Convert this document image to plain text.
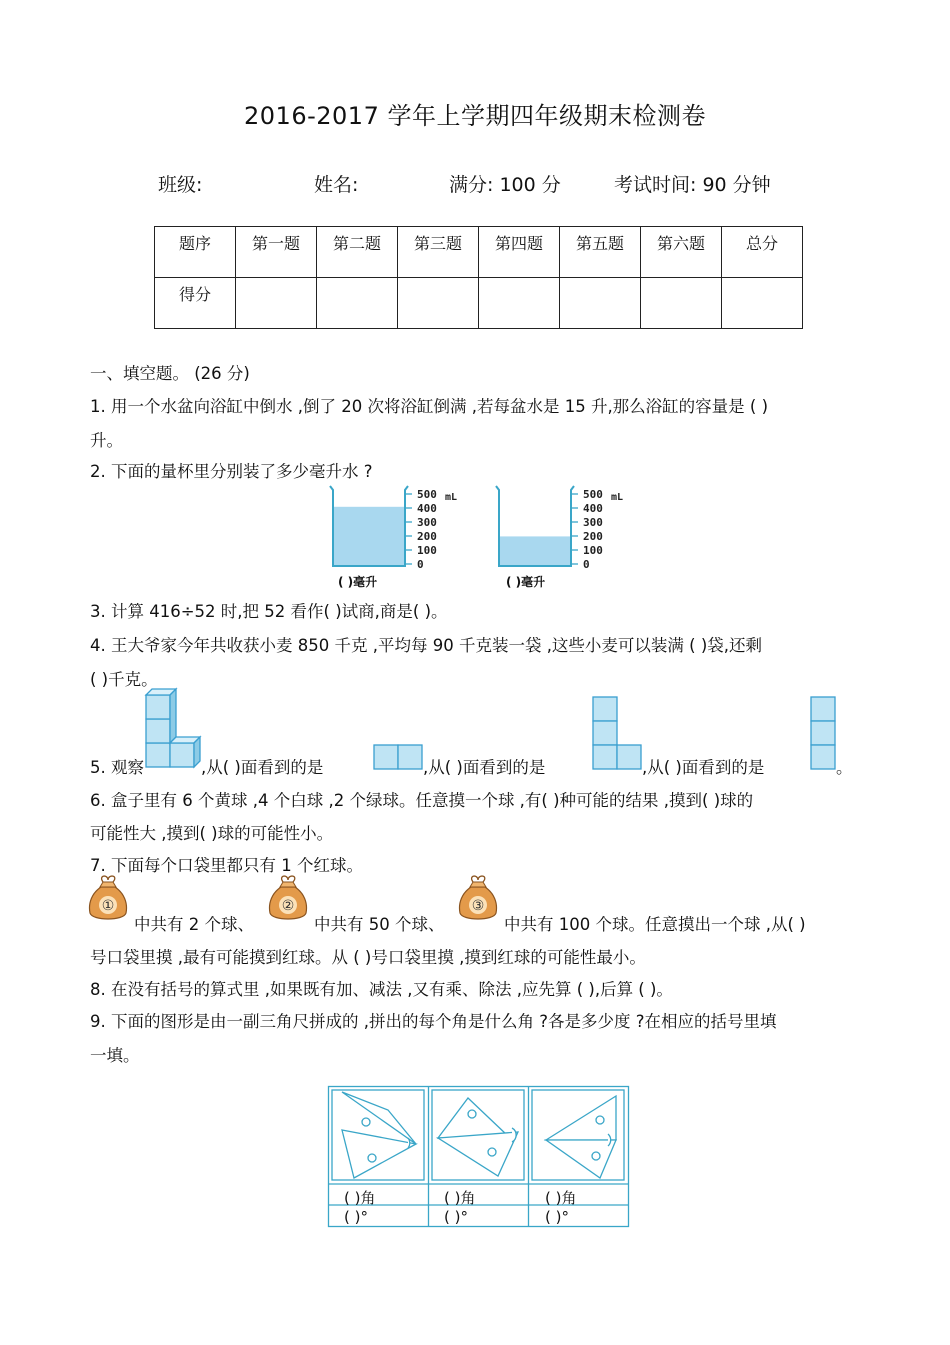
2016-2017 学年上学期四年级期末检测卷
班级:	姓名:	满分: 100 分	考试时间: 90 分钟
题序	第一题	第二题	第三题	第四题	第五题	第六题	总分
得分							
一、填空题。 (26 分)
1. 用一个水盆向浴缸中倒水 ,倒了 20 次将浴缸倒满 ,若每盆水是 15 升,那么浴缸的容量是 ( )
升。
2. 下面的量杯里分别装了多少毫升水 ?
500
400
300
200
100
0
mL	500
400
300
200
100
0
mL
( )毫升	( )毫升
3. 计算 416÷52 时,把 52 看作( )试商,商是( )。
4. 王大爷家今年共收获小麦 850 千克 ,平均每 90 千克装一袋 ,这些小麦可以装满 ( )袋,还剩
( )千克。
5. 观察	,从( )面看到的是	,从( )面看到的是	,从( )面看到的是	。
6. 盒子里有 6 个黄球 ,4 个白球 ,2 个绿球。任意摸一个球 ,有( )种可能的结果 ,摸到( )球的
可能性大 ,摸到( )球的可能性小。
7. 下面每个口袋里都只有 1 个红球。
①
中共有 2 个球、
②
中共有 50 个球、
③
中共有 100 个球。任意摸出一个球 ,从( )
号口袋里摸 ,最有可能摸到红球。从 ( )号口袋里摸 ,摸到红球的可能性最小。
8. 在没有括号的算式里 ,如果既有加、减法 ,又有乘、除法 ,应先算 ( ),后算 ( )。
9. 下面的图形是由一副三角尺拼成的 ,拼出的每个角是什么角 ?各是多少度 ?在相应的括号里填
一填。
( )角	( )角	( )角
( )°	( )°	( )°
